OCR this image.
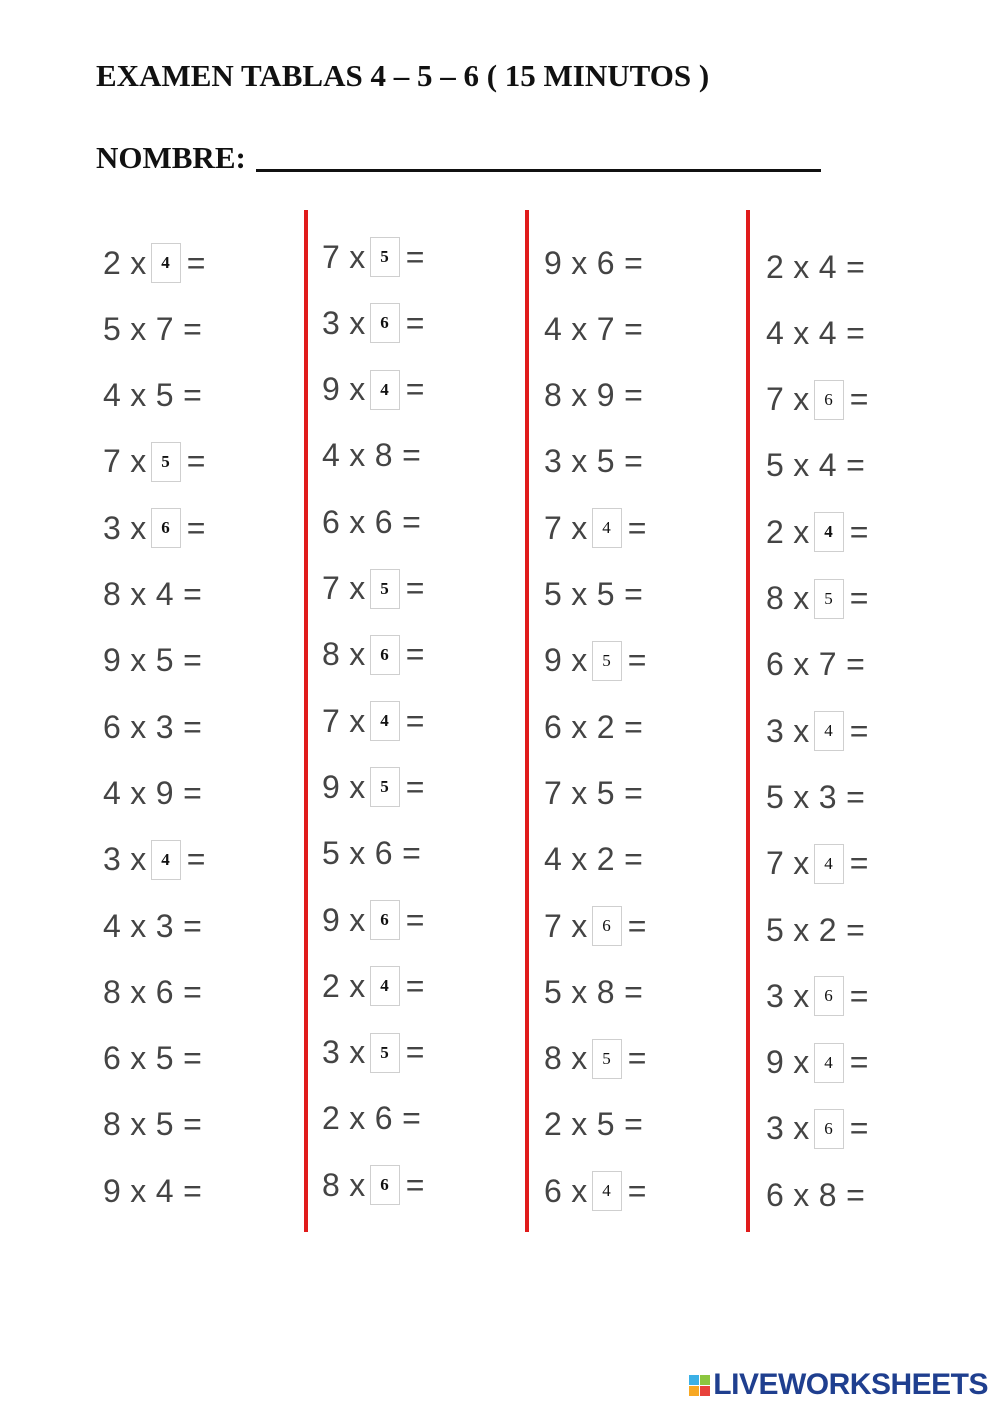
EXAMEN TABLAS 4 – 5 – 6 ( 15 MINUTOS )
NOMBRE:
2 x 4 =
5 x 7 =
4 x 5 =
7 x 5 =
3 x 6 =
8 x 4 =
9 x 5 =
6 x 3 =
4 x 9 =
3 x 4 =
4 x 3 =
8 x 6 =
6 x 5 =
8 x 5 =
9 x 4 =
7 x 5 =
3 x 6 =
9 x 4 =
4 x 8 =
6 x 6 =
7 x 5 =
8 x 6 =
7 x 4 =
9 x 5 =
5 x 6 =
9 x 6 =
2 x 4 =
3 x 5 =
2 x 6 =
8 x 6 =
9 x 6 =
4 x 7 =
8 x 9 =
3 x 5 =
7 x 4 =
5 x 5 =
9 x 5 =
6 x 2 =
7 x 5 =
4 x 2 =
7 x 6 =
5 x 8 =
8 x 5 =
2 x 5 =
6 x 4 =
2 x 4 =
4 x 4 =
7 x 6 =
5 x 4 =
2 x 4 =
8 x 5 =
6 x 7 =
3 x 4 =
5 x 3 =
7 x 4 =
5 x 2 =
3 x 6 =
9 x 4 =
3 x 6 =
6 x 8 =
LIVEWORKSHEETS
